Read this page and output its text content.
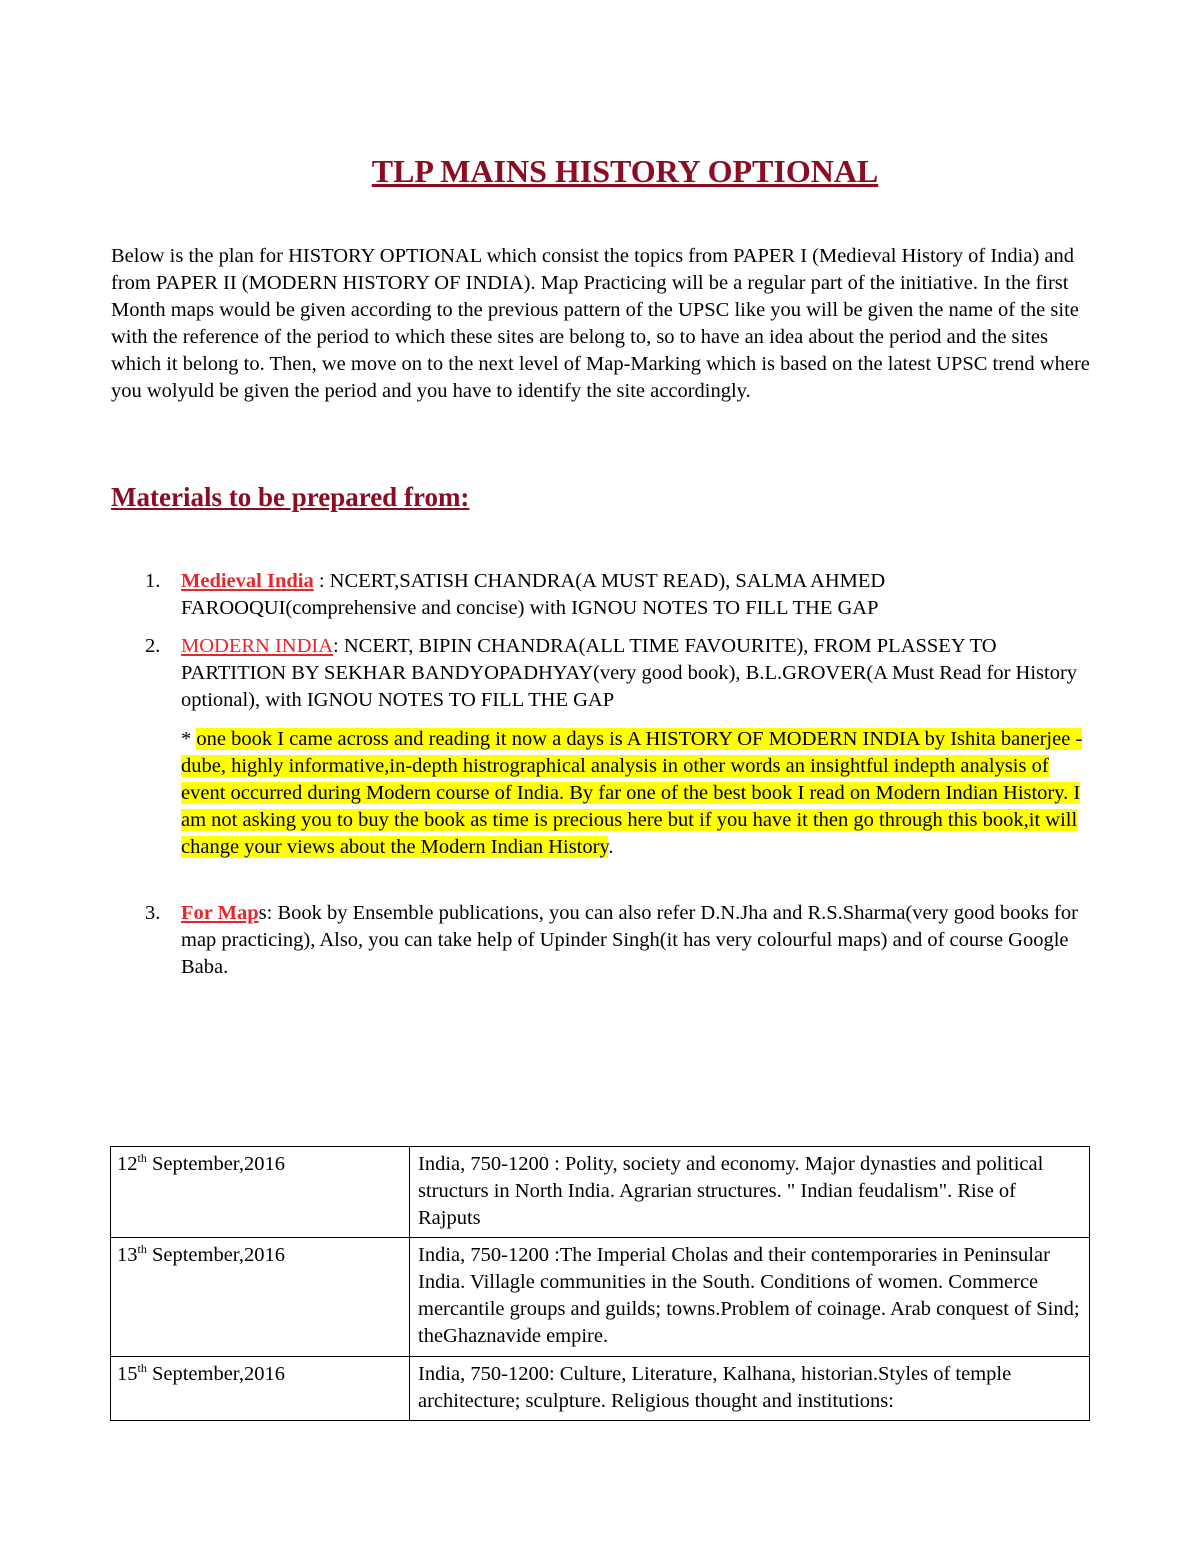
TLP MAINS HISTORY OPTIONAL

Below is the plan for HISTORY OPTIONAL which consist the topics from PAPER I (Medieval History of India) and from PAPER II (MODERN HISTORY OF INDIA). Map Practicing will be a regular part of the initiative. In the first Month maps would be given according to the previous pattern of the UPSC like you will be given the name of the site with the reference of the period to which these sites are belong to, so to have an idea about the period and the sites which it belong to. Then, we move on to the next level of Map-Marking which is based on the latest UPSC trend where you wolyuld be given the period and you have to identify the site accordingly.

Materials to be prepared from:
1. Medieval India : NCERT,SATISH CHANDRA(A MUST READ), SALMA AHMED FAROOQUI(comprehensive and concise) with IGNOU NOTES TO FILL THE GAP
2. MODERN INDIA: NCERT, BIPIN CHANDRA(ALL TIME FAVOURITE), FROM PLASSEY TO PARTITION BY SEKHAR BANDYOPADHYAY(very good book), B.L.GROVER(A Must Read for History optional), with IGNOU NOTES TO FILL THE GAP
* one book I came across and reading it now a days is A HISTORY OF MODERN INDIA by Ishita banerjee -dube, highly informative,in-depth histrographical analysis in other words an insightful indepth analysis of event occurred during Modern course of India. By far one of the best book I read on Modern Indian History. I am not asking you to buy the book as time is precious here but if you have it then go through this book,it will change your views about the Modern Indian History.
3. For Maps: Book by Ensemble publications, you can also refer D.N.Jha and R.S.Sharma(very good books for map practicing), Also, you can take help of Upinder Singh(it has very colourful maps) and of course Google Baba.
12th September,2016	India, 750-1200 : Polity, society and economy. Major dynasties and political structurs in North India. Agrarian structures. " Indian feudalism". Rise of Rajputs
13th September,2016	India, 750-1200 :The Imperial Cholas and their contemporaries in Peninsular India. Villagle communities in the South. Conditions of women. Commerce mercantile groups and guilds; towns.Problem of coinage. Arab conquest of Sind; theGhaznavide empire.
15th September,2016	India, 750-1200: Culture, Literature, Kalhana, historian.Styles of temple architecture; sculpture. Religious thought and institutions:
